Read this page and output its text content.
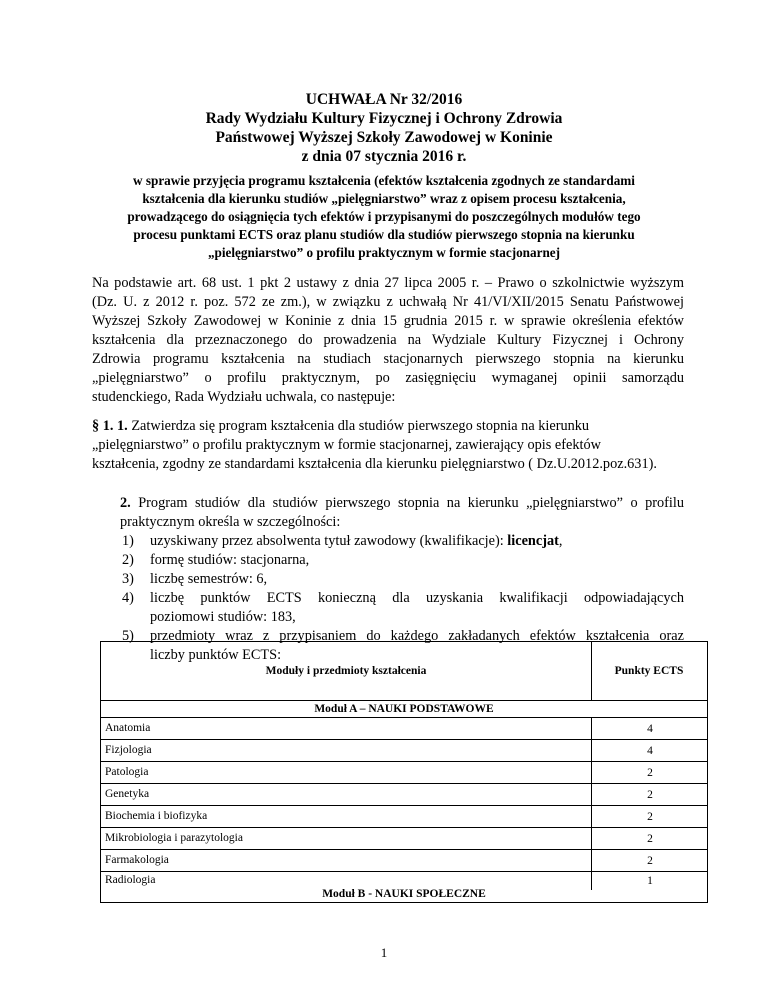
UCHWAŁA Nr 32/2016
Rady Wydziału Kultury Fizycznej i Ochrony Zdrowia
Państwowej Wyższej Szkoły Zawodowej w Koninie
z dnia 07 stycznia 2016 r.
w sprawie przyjęcia programu kształcenia (efektów kształcenia zgodnych ze standardami
kształcenia dla kierunku studiów „pielęgniarstwo” wraz z opisem procesu kształcenia,
prowadzącego do osiągnięcia tych efektów i przypisanymi do poszczególnych modułów tego
procesu punktami ECTS oraz planu studiów dla studiów pierwszego stopnia na kierunku
„pielęgniarstwo” o profilu praktycznym w formie stacjonarnej
Na podstawie art. 68 ust. 1 pkt 2 ustawy z dnia 27 lipca 2005 r. – Prawo o szkolnictwie wyższym
(Dz. U. z 2012 r. poz. 572 ze zm.), w związku z uchwałą Nr 41/VI/XII/2015 Senatu Państwowej
Wyższej Szkoły Zawodowej w Koninie z dnia 15 grudnia 2015 r. w sprawie określenia efektów
kształcenia dla przeznaczonego do prowadzenia na Wydziale Kultury Fizycznej i Ochrony
Zdrowia programu kształcenia na studiach stacjonarnych pierwszego stopnia na kierunku
„pielęgniarstwo” o profilu praktycznym, po zasięgnięciu wymaganej opinii samorządu
studenckiego, Rada Wydziału uchwala, co następuje:
§ 1. 1. Zatwierdza się program kształcenia dla studiów pierwszego stopnia na kierunku
„pielęgniarstwo” o profilu praktycznym w formie stacjonarnej, zawierający opis efektów
kształcenia, zgodny ze standardami kształcenia dla kierunku pielęgniarstwo ( Dz.U.2012.poz.631).
2. Program studiów dla studiów pierwszego stopnia na kierunku „pielęgniarstwo” o profilu
praktycznym określa w szczególności:
1) uzyskiwany przez absolwenta tytuł zawodowy (kwalifikacje): licencjat,
2) formę studiów: stacjonarna,
3) liczbę semestrów: 6,
4) liczbę punktów ECTS konieczną dla uzyskania kwalifikacji odpowiadających
poziomowi studiów: 183,
5) przedmioty wraz z przypisaniem do każdego zakładanych efektów kształcenia oraz
liczby punktów ECTS:
Moduły i przedmioty kształcenia	Punkty ECTS
Moduł A – NAUKI PODSTAWOWE
Anatomia	4
Fizjologia	4
Patologia	2
Genetyka	2
Biochemia i biofizyka	2
Mikrobiologia i parazytologia	2
Farmakologia	2
Radiologia	1
Moduł B - NAUKI SPOŁECZNE
1
